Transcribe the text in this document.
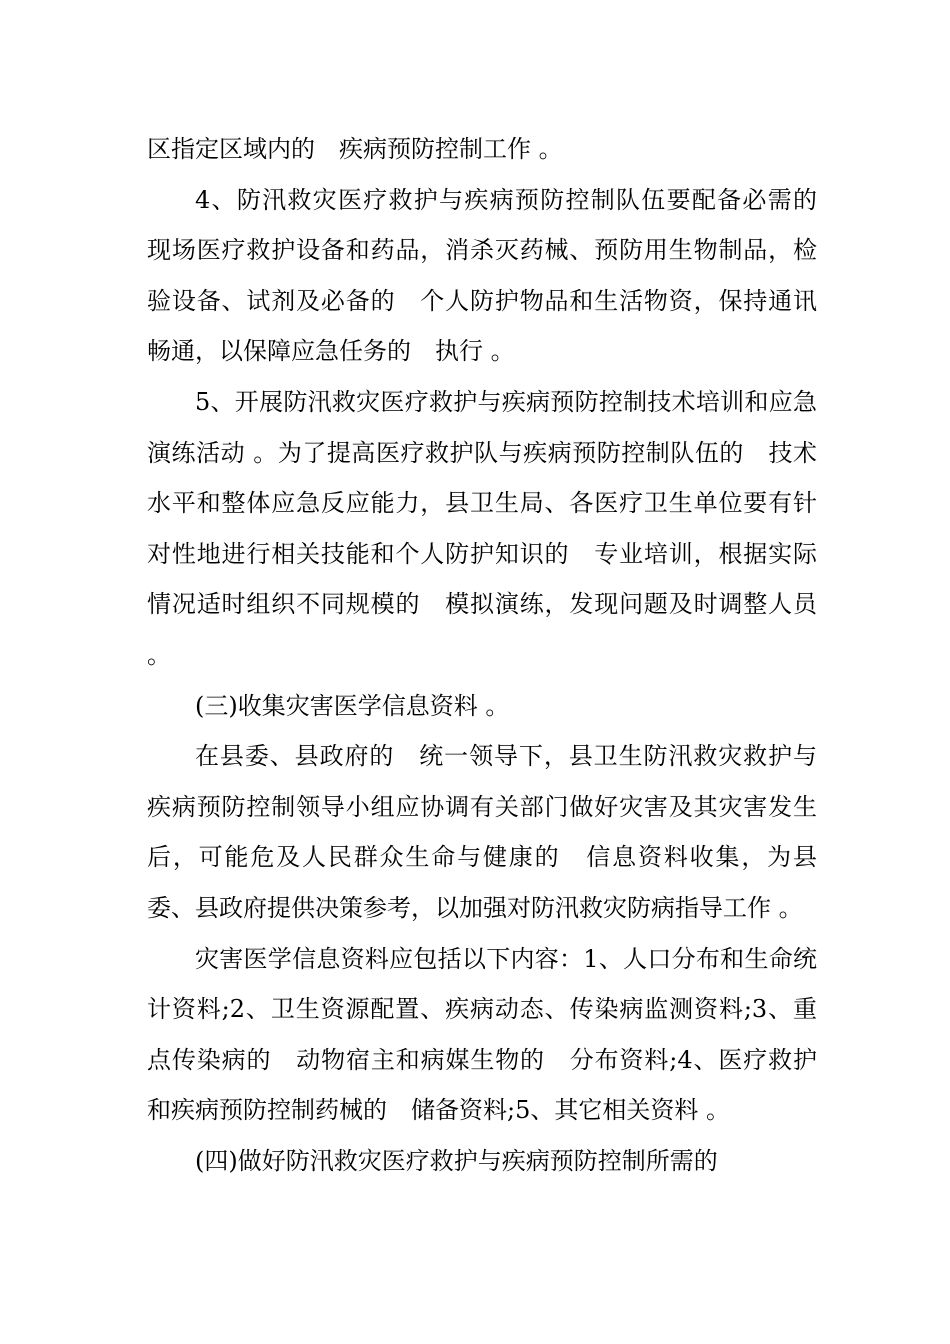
区指定区域内的　疾病预防控制工作 。

4、防汛救灾医疗救护与疾病预防控制队伍要配备必需的　现场医疗救护设备和药品，消杀灭药械、预防用生物制品，检验设备、试剂及必备的　个人防护物品和生活物资，保持通讯畅通，以保障应急任务的　执行 。

5、开展防汛救灾医疗救护与疾病预防控制技术培训和应急演练活动 。为了提高医疗救护队与疾病预防控制队伍的　技术水平和整体应急反应能力，县卫生局、各医疗卫生单位要有针对性地进行相关技能和个人防护知识的　专业培训，根据实际情况适时组织不同规模的　模拟演练，发现问题及时调整人员 。

(三)收集灾害医学信息资料 。

在县委、县政府的　统一领导下，县卫生防汛救灾救护与疾病预防控制领导小组应协调有关部门做好灾害及其灾害发生后，可能危及人民群众生命与健康的　信息资料收集，为县委、县政府提供决策参考，以加强对防汛救灾防病指导工作 。

灾害医学信息资料应包括以下内容：1、人口分布和生命统计资料;2、卫生资源配置、疾病动态、传染病监测资料;3、重点传染病的　动物宿主和病媒生物的　分布资料;4、医疗救护和疾病预防控制药械的　储备资料;5、其它相关资料 。

(四)做好防汛救灾医疗救护与疾病预防控制所需的
